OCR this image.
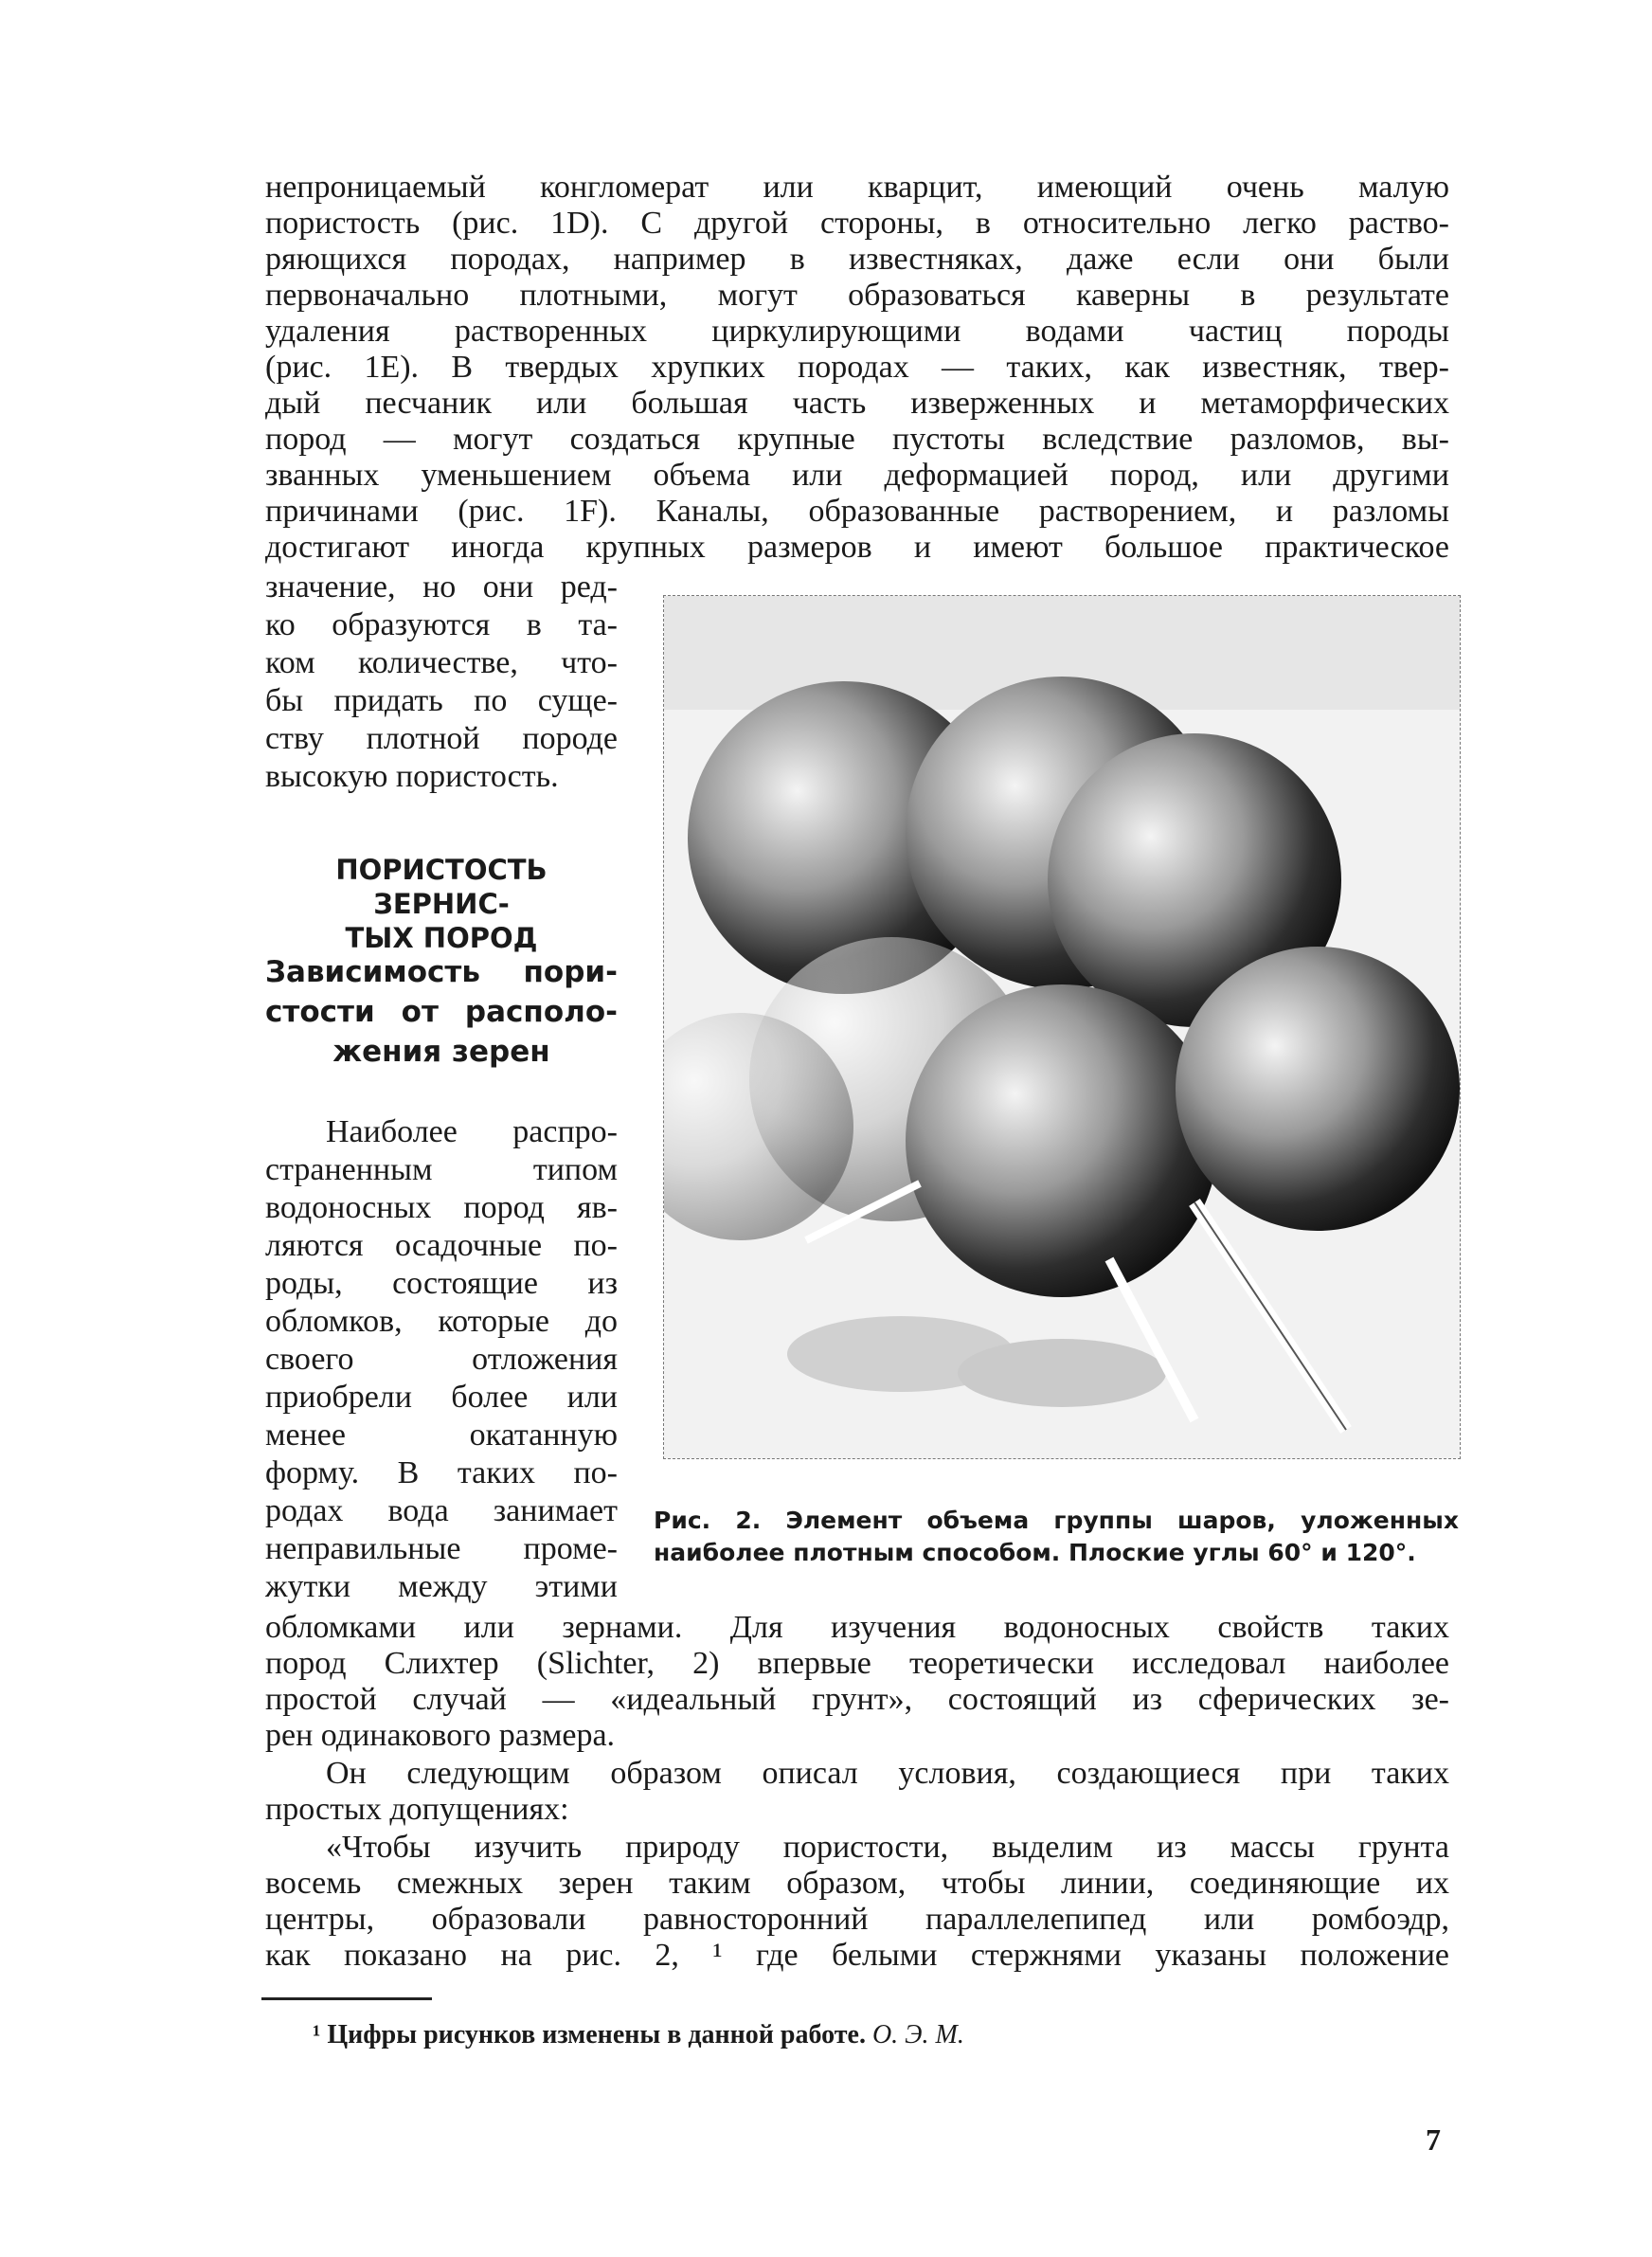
непроницаемый конгломерат или кварцит, имеющий очень малую
пористость (рис. 1D). С другой стороны, в относительно легко раство-
ряющихся породах, например в известняках, даже если они были
первоначально плотными, могут образоваться каверны в результате
удаления растворенных циркулирующими водами частиц породы
(рис. 1E). В твердых хрупких породах — таких, как известняк, твер-
дый песчаник или большая часть изверженных и метаморфических
пород — могут создаться крупные пустоты вследствие разломов, вы-
званных уменьшением объема или деформацией пород, или другими
причинами (рис. 1F). Каналы, образованные растворением, и разломы
достигают иногда крупных размеров и имеют большое практическое
значение, но они ред-
ко образуются в та-
ком количестве, что-
бы придать по суще-
ству плотной породе
высокую пористость.
ПОРИСТОСТЬ ЗЕРНИС-
ТЫХ ПОРОД
Зависимость пори-
стости от располо-
жения зерен
Наиболее распро-
страненным типом
водоносных пород яв-
ляются осадочные по-
роды, состоящие из
обломков, которые до
своего отложения
приобрели более или
менее окатанную
форму. В таких по-
родах вода занимает
неправильные проме-
жутки между этими
Рис. 2. Элемент объема группы шаров, уложенных
наиболее плотным способом. Плоские углы 60° и 120°.
обломками или зернами. Для изучения водоносных свойств таких
пород Слихтер (Slichter, 2) впервые теоретически исследовал наиболее
простой случай — «идеальный грунт», состоящий из сферических зе-
рен одинакового размера.
Он следующим образом описал условия, создающиеся при таких
простых допущениях:
«Чтобы изучить природу пористости, выделим из массы грунта
восемь смежных зерен таким образом, чтобы линии, соединяющие их
центры, образовали равносторонний параллелепипед или ромбоэдр,
как показано на рис. 2, ¹ где белыми стержнями указаны положение
¹ Цифры рисунков изменены в данной работе. О. Э. М.
7
